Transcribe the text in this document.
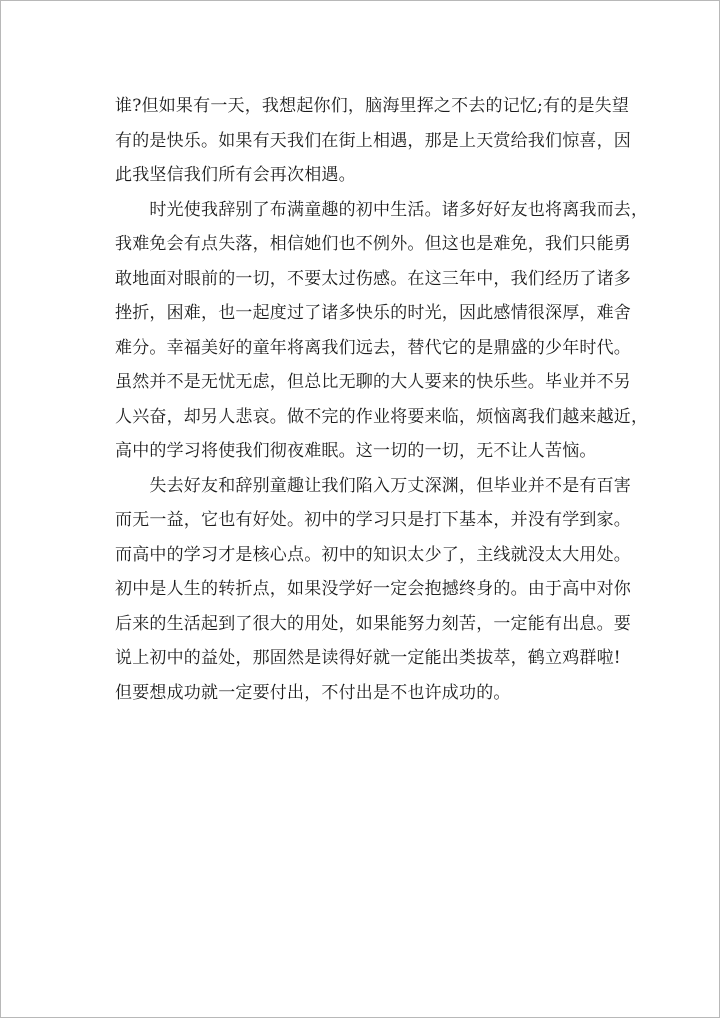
谁?但如果有一天，我想起你们，脑海里挥之不去的记忆;有的是失望
有的是快乐。如果有天我们在街上相遇，那是上天赏给我们惊喜，因
此我坚信我们所有会再次相遇。
　　时光使我辞别了布满童趣的初中生活。诸多好好友也将离我而去，
我难免会有点失落，相信她们也不例外。但这也是难免，我们只能勇
敢地面对眼前的一切，不要太过伤感。在这三年中，我们经历了诸多
挫折，困难，也一起度过了诸多快乐的时光，因此感情很深厚，难舍
难分。幸福美好的童年将离我们远去，替代它的是鼎盛的少年时代。
虽然并不是无忧无虑，但总比无聊的大人要来的快乐些。毕业并不另
人兴奋，却另人悲哀。做不完的作业将要来临，烦恼离我们越来越近，
高中的学习将使我们彻夜难眠。这一切的一切，无不让人苦恼。
　　失去好友和辞别童趣让我们陷入万丈深渊，但毕业并不是有百害
而无一益，它也有好处。初中的学习只是打下基本，并没有学到家。
而高中的学习才是核心点。初中的知识太少了，主线就没太大用处。
初中是人生的转折点，如果没学好一定会抱撼终身的。由于高中对你
后来的生活起到了很大的用处，如果能努力刻苦，一定能有出息。要
说上初中的益处，那固然是读得好就一定能出类拔萃，鹤立鸡群啦!
但要想成功就一定要付出，不付出是不也许成功的。
